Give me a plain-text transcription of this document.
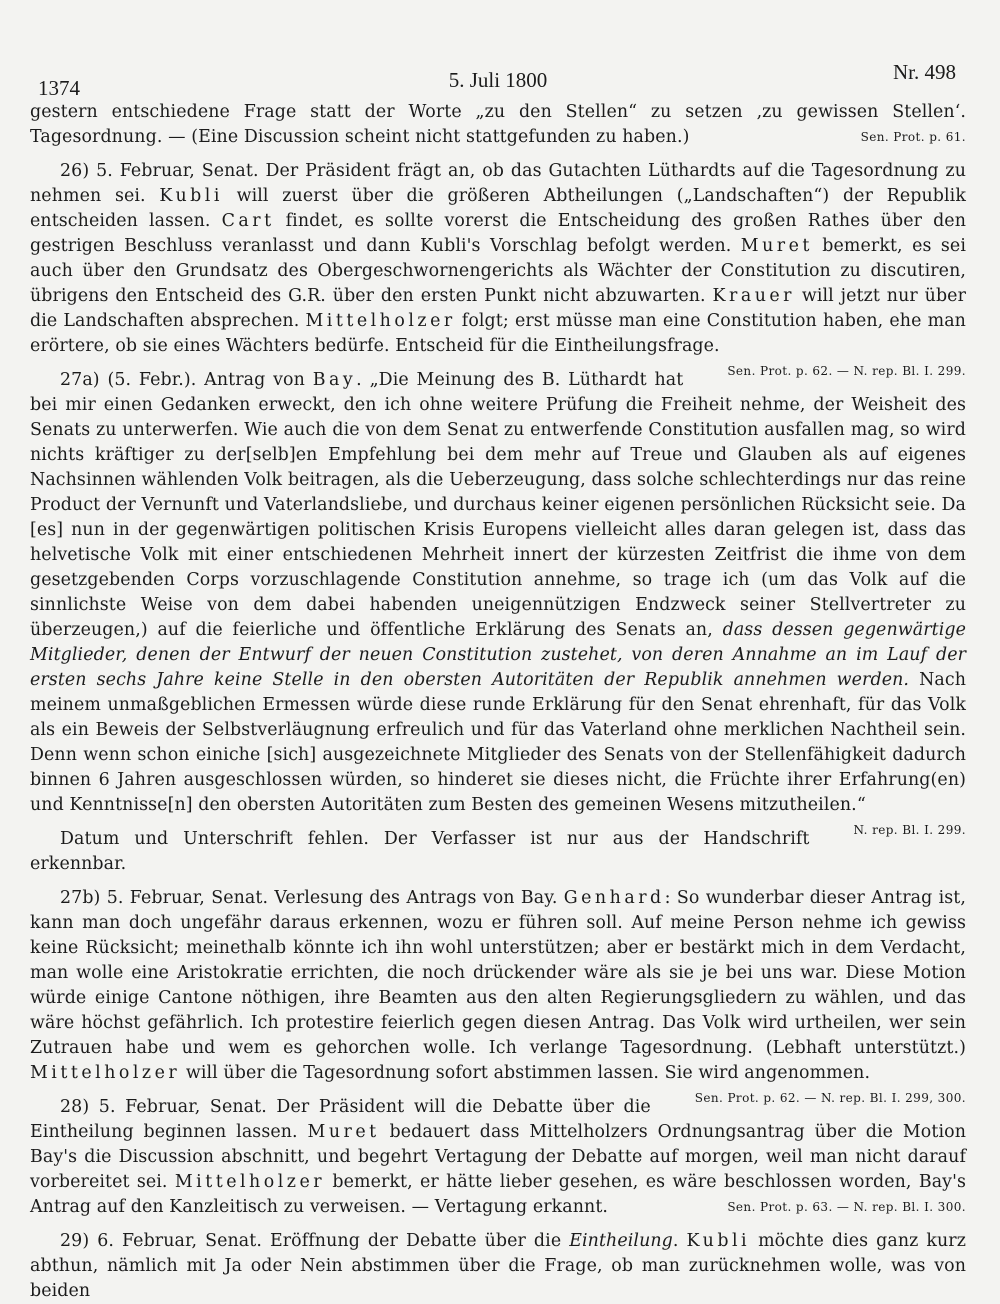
1374	5. Juli 1800	Nr. 498

gestern entschiedene Frage statt der Worte „zu den Stellen“ zu setzen ‚zu gewissen Stellen‘. Tagesordnung. — (Eine Discussion scheint nicht stattgefunden zu haben.)	Sen. Prot. p. 61.

26) 5. Februar, Senat. Der Präsident frägt an, ob das Gutachten Lüthardts auf die Tagesordnung zu nehmen sei. Kubli will zuerst über die größeren Abtheilungen („Landschaften“) der Republik entscheiden lassen. Cart findet, es sollte vorerst die Entscheidung des großen Rathes über den gestrigen Beschluss veranlasst und dann Kubli's Vorschlag befolgt werden. Muret bemerkt, es sei auch über den Grundsatz des Obergeschwornengerichts als Wächter der Constitution zu discutiren, übrigens den Entscheid des G.R. über den ersten Punkt nicht abzuwarten. Krauer will jetzt nur über die Landschaften absprechen. Mittelholzer folgt; erst müsse man eine Constitution haben, ehe man erörtere, ob sie eines Wächters bedürfe. Entscheid für die Eintheilungsfrage.
Sen. Prot. p. 62. — N. rep. Bl. I. 299.

27a) (5. Febr.). Antrag von Bay. „Die Meinung des B. Lüthardt hat bei mir einen Gedanken erweckt, den ich ohne weitere Prüfung die Freiheit nehme, der Weisheit des Senats zu unterwerfen. Wie auch die von dem Senat zu entwerfende Constitution ausfallen mag, so wird nichts kräftiger zu der[selb]en Empfehlung bei dem mehr auf Treue und Glauben als auf eigenes Nachsinnen wählenden Volk beitragen, als die Ueberzeugung, dass solche schlechterdings nur das reine Product der Vernunft und Vaterlandsliebe, und durchaus keiner eigenen persönlichen Rücksicht seie. Da [es] nun in der gegenwärtigen politischen Krisis Europens vielleicht alles daran gelegen ist, dass das helvetische Volk mit einer entschiedenen Mehrheit innert der kürzesten Zeitfrist die ihme von dem gesetzgebenden Corps vorzuschlagende Constitution annehme, so trage ich (um das Volk auf die sinnlichste Weise von dem dabei habenden uneigennützigen Endzweck seiner Stellvertreter zu überzeugen,) auf die feierliche und öffentliche Erklärung des Senats an, dass dessen gegenwärtige Mitglieder, denen der Entwurf der neuen Constitution zustehet, von deren Annahme an im Lauf der ersten sechs Jahre keine Stelle in den obersten Autoritäten der Republik annehmen werden. Nach meinem unmaßgeblichen Ermessen würde diese runde Erklärung für den Senat ehrenhaft, für das Volk als ein Beweis der Selbstverläugnung erfreulich und für das Vaterland ohne merklichen Nachtheil sein. Denn wenn schon einiche [sich] ausgezeichnete Mitglieder des Senats von der Stellenfähigkeit dadurch binnen 6 Jahren ausgeschlossen würden, so hinderet sie dieses nicht, die Früchte ihrer Erfahrung(en) und Kenntnisse[n] den obersten Autoritäten zum Besten des gemeinen Wesens mitzutheilen.“
N. rep. Bl. I. 299.

Datum und Unterschrift fehlen. Der Verfasser ist nur aus der Handschrift erkennbar.

27b) 5. Februar, Senat. Verlesung des Antrags von Bay. Genhard: So wunderbar dieser Antrag ist, kann man doch ungefähr daraus erkennen, wozu er führen soll. Auf meine Person nehme ich gewiss keine Rücksicht; meinethalb könnte ich ihn wohl unterstützen; aber er bestärkt mich in dem Verdacht, man wolle eine Aristokratie errichten, die noch drückender wäre als sie je bei uns war. Diese Motion würde einige Cantone nöthigen, ihre Beamten aus den alten Regierungsgliedern zu wählen, und das wäre höchst gefährlich. Ich protestire feierlich gegen diesen Antrag. Das Volk wird urtheilen, wer sein Zutrauen habe und wem es gehorchen wolle. Ich verlange Tagesordnung. (Lebhaft unterstützt.) Mittelholzer will über die Tagesordnung sofort abstimmen lassen. Sie wird angenommen.
Sen. Prot. p. 62. — N. rep. Bl. I. 299, 300.

28) 5. Februar, Senat. Der Präsident will die Debatte über die Eintheilung beginnen lassen. Muret bedauert dass Mittelholzers Ordnungsantrag über die Motion Bay's die Discussion abschnitt, und begehrt Vertagung der Debatte auf morgen, weil man nicht darauf vorbereitet sei. Mittelholzer bemerkt, er hätte lieber gesehen, es wäre beschlossen worden, Bay's Antrag auf den Kanzleitisch zu verweisen. — Vertagung erkannt.	Sen. Prot. p. 63. — N. rep. Bl. I. 300.

29) 6. Februar, Senat. Eröffnung der Debatte über die Eintheilung. Kubli möchte dies ganz kurz abthun, nämlich mit Ja oder Nein abstimmen über die Frage, ob man zurücknehmen wolle, was von beiden
